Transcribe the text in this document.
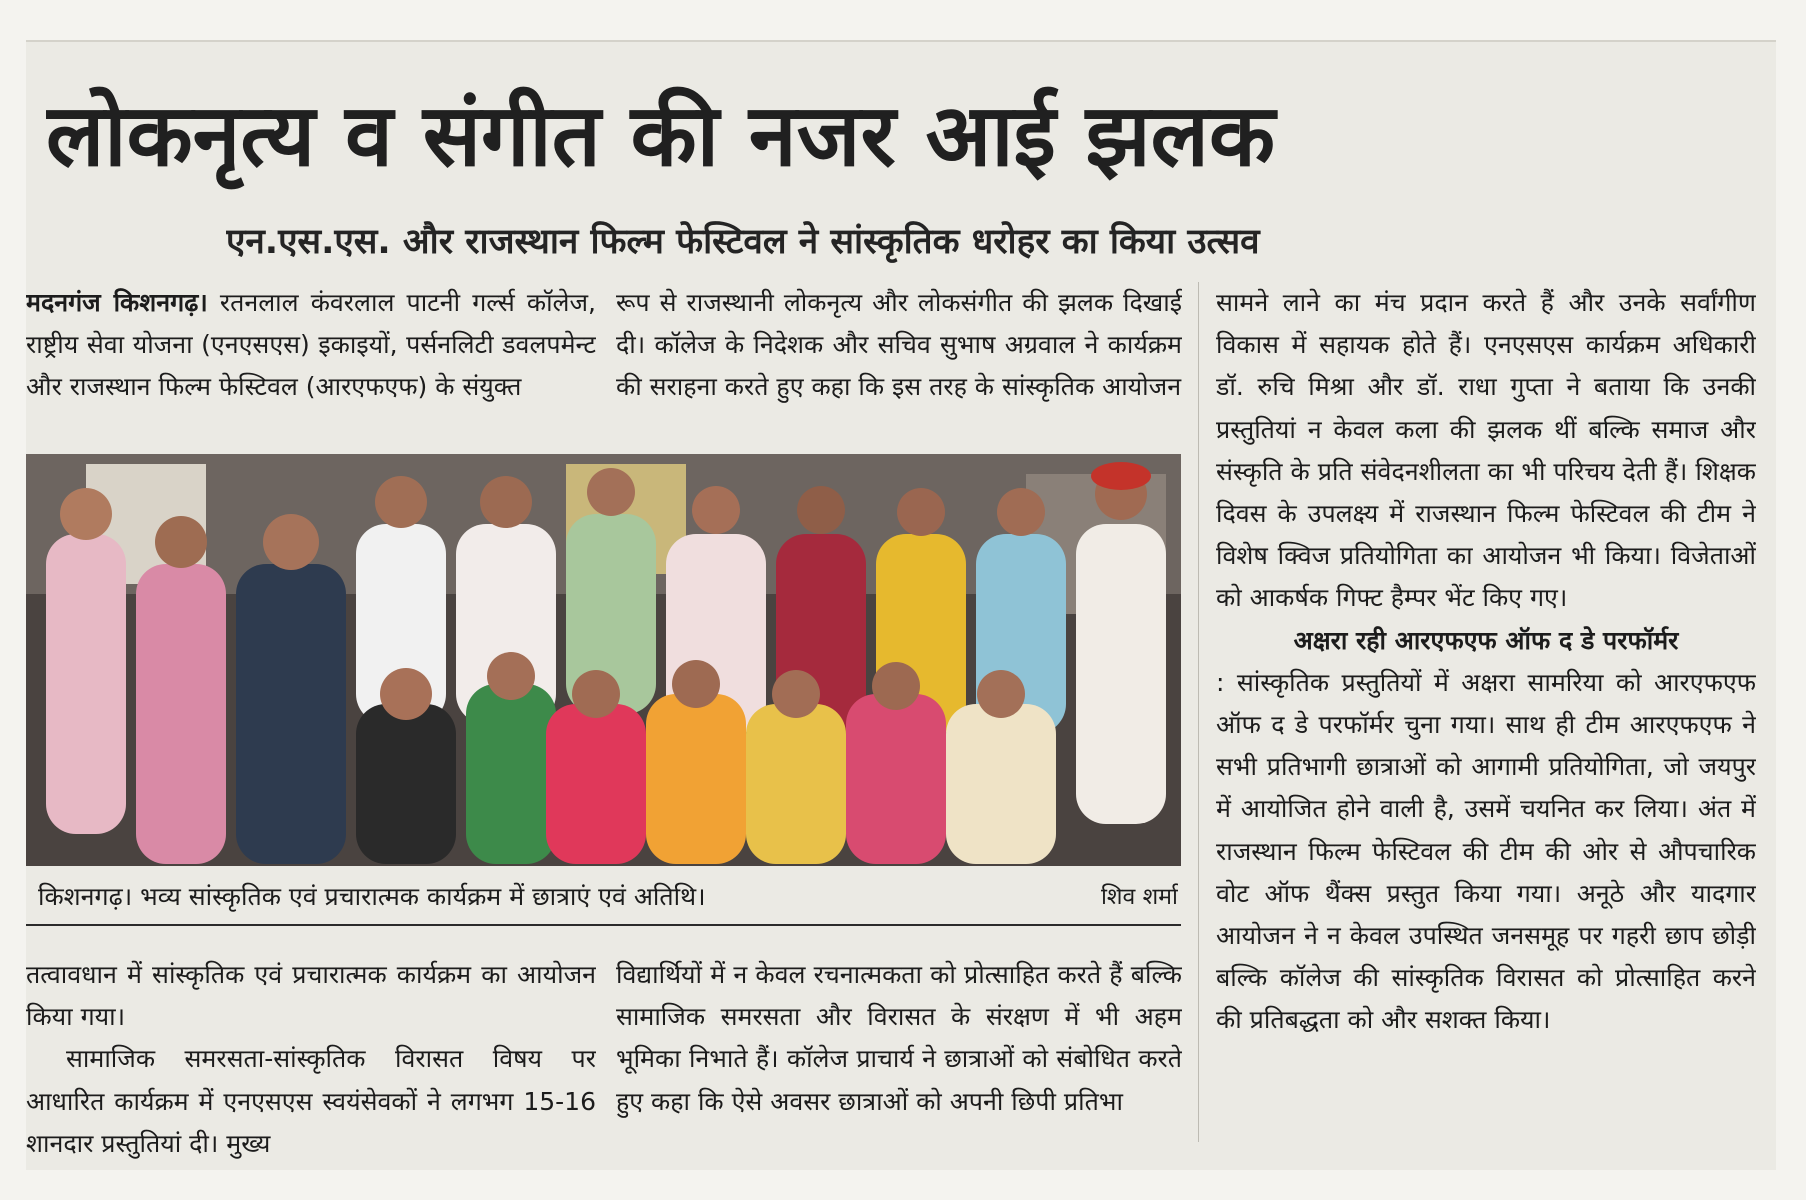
लोकनृत्य व संगीत की नजर आई झलक
एन.एस.एस. और राजस्थान फिल्म फेस्टिवल ने सांस्कृतिक धरोहर का किया उत्सव

मदनगंज किशनगढ़। रतनलाल कंवरलाल पाटनी गर्ल्स कॉलेज, राष्ट्रीय सेवा योजना (एनएसएस) इकाइयों, पर्सनलिटी डवलपमेन्ट और राजस्थान फिल्म फेस्टिवल (आरएफएफ) के संयुक्त

रूप से राजस्थानी लोकनृत्य और लोकसंगीत की झलक दिखाई दी। कॉलेज के निदेशक और सचिव सुभाष अग्रवाल ने कार्यक्रम की सराहना करते हुए कहा कि इस तरह के सांस्कृतिक आयोजन

किशनगढ़। भव्य सांस्कृतिक एवं प्रचारात्मक कार्यक्रम में छात्राएं एवं अतिथि।	शिव शर्मा

तत्वावधान में सांस्कृतिक एवं प्रचारात्मक कार्यक्रम का आयोजन किया गया।

सामाजिक समरसता-सांस्कृतिक विरासत विषय पर आधारित कार्यक्रम में एनएसएस स्वयंसेवकों ने लगभग 15-16 शानदार प्रस्तुतियां दी। मुख्य

विद्यार्थियों में न केवल रचनात्मकता को प्रोत्साहित करते हैं बल्कि सामाजिक समरसता और विरासत के संरक्षण में भी अहम भूमिका निभाते हैं। कॉलेज प्राचार्य ने छात्राओं को संबोधित करते हुए कहा कि ऐसे अवसर छात्राओं को अपनी छिपी प्रतिभा

सामने लाने का मंच प्रदान करते हैं और उनके सर्वांगीण विकास में सहायक होते हैं। एनएसएस कार्यक्रम अधिकारी डॉ. रुचि मिश्रा और डॉ. राधा गुप्ता ने बताया कि उनकी प्रस्तुतियां न केवल कला की झलक थीं बल्कि समाज और संस्कृति के प्रति संवेदनशीलता का भी परिचय देती हैं। शिक्षक दिवस के उपलक्ष्य में राजस्थान फिल्म फेस्टिवल की टीम ने विशेष क्विज प्रतियोगिता का आयोजन भी किया। विजेताओं को आकर्षक गिफ्ट हैम्पर भेंट किए गए।

अक्षरा रही आरएफएफ ऑफ द डे परफॉर्मर

: सांस्कृतिक प्रस्तुतियों में अक्षरा सामरिया को आरएफएफ ऑफ द डे परफॉर्मर चुना गया। साथ ही टीम आरएफएफ ने सभी प्रतिभागी छात्राओं को आगामी प्रतियोगिता, जो जयपुर में आयोजित होने वाली है, उसमें चयनित कर लिया। अंत में राजस्थान फिल्म फेस्टिवल की टीम की ओर से औपचारिक वोट ऑफ थैंक्स प्रस्तुत किया गया। अनूठे और यादगार आयोजन ने न केवल उपस्थित जनसमूह पर गहरी छाप छोड़ी बल्कि कॉलेज की सांस्कृतिक विरासत को प्रोत्साहित करने की प्रतिबद्धता को और सशक्त किया।
